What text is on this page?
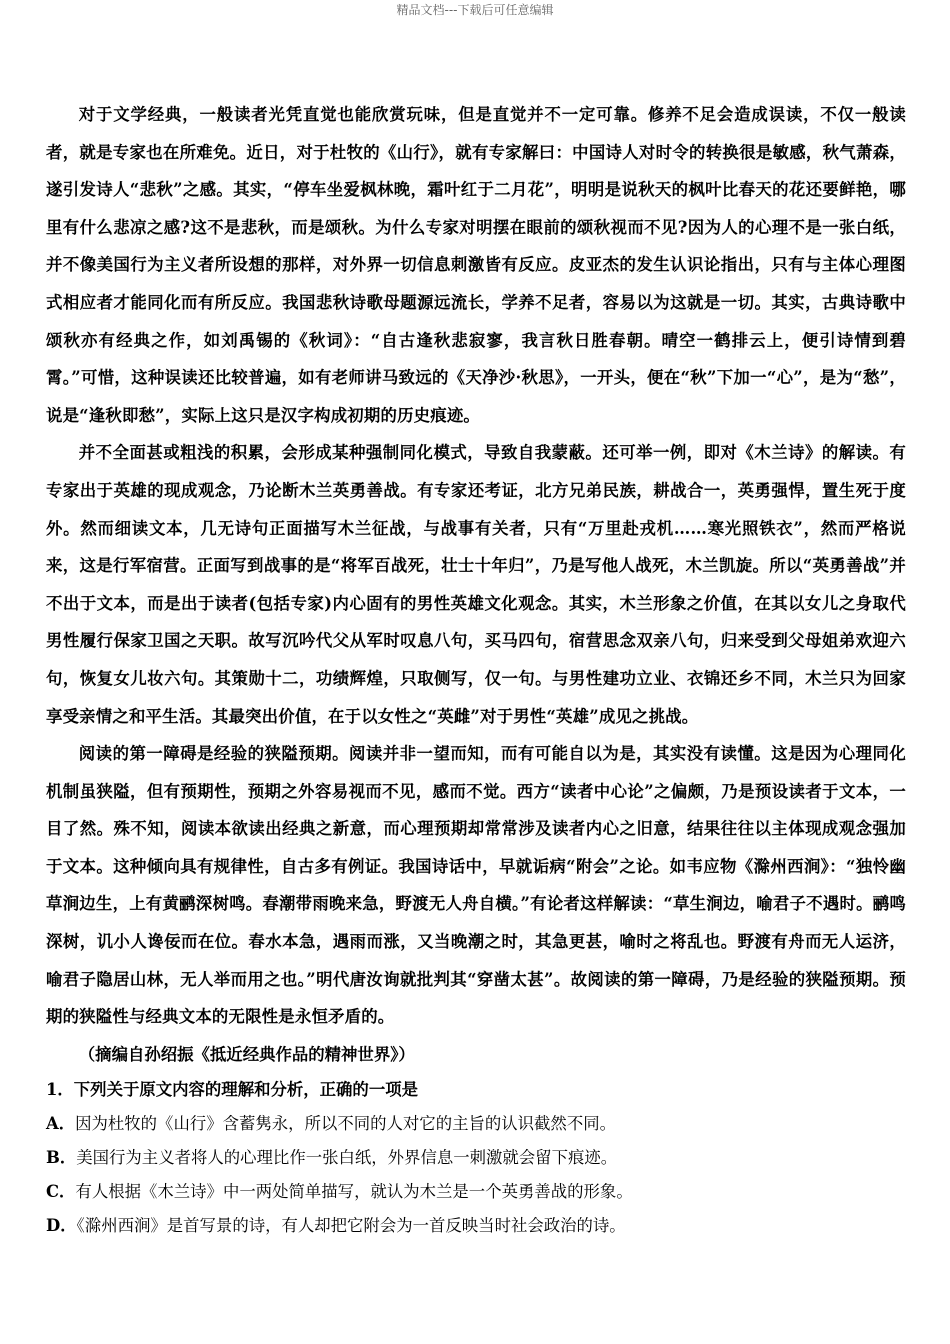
精品文档---下载后可任意编辑

对于文学经典，一般读者光凭直觉也能欣赏玩味，但是直觉并不一定可靠。修养不足会造成误读，不仅一般读者，就是专家也在所难免。近日，对于杜牧的《山行》，就有专家解曰：中国诗人对时令的转换很是敏感，秋气萧森，遂引发诗人“悲秋”之感。其实，“停车坐爱枫林晚，霜叶红于二月花”，明明是说秋天的枫叶比春天的花还要鲜艳，哪里有什么悲凉之感?这不是悲秋，而是颂秋。为什么专家对明摆在眼前的颂秋视而不见?因为人的心理不是一张白纸，并不像美国行为主义者所设想的那样，对外界一切信息刺激皆有反应。皮亚杰的发生认识论指出，只有与主体心理图式相应者才能同化而有所反应。我国悲秋诗歌母题源远流长，学养不足者，容易以为这就是一切。其实，古典诗歌中颂秋亦有经典之作，如刘禹锡的《秋词》：“自古逢秋悲寂寥，我言秋日胜春朝。晴空一鹤排云上，便引诗情到碧霄。”可惜，这种误读还比较普遍，如有老师讲马致远的《天净沙·秋思》，一开头，便在“秋”下加一“心”，是为“愁”，说是“逢秋即愁”，实际上这只是汉字构成初期的历史痕迹。

并不全面甚或粗浅的积累，会形成某种强制同化模式，导致自我蒙蔽。还可举一例，即对《木兰诗》的解读。有专家出于英雄的现成观念，乃论断木兰英勇善战。有专家还考证，北方兄弟民族，耕战合一，英勇强悍，置生死于度外。然而细读文本，几无诗句正面描写木兰征战，与战事有关者，只有“万里赴戎机……寒光照铁衣”，然而严格说来，这是行军宿营。正面写到战事的是“将军百战死，壮士十年归”，乃是写他人战死，木兰凯旋。所以“英勇善战”并不出于文本，而是出于读者(包括专家)内心固有的男性英雄文化观念。其实，木兰形象之价值，在其以女儿之身取代男性履行保家卫国之天职。故写沉吟代父从军时叹息八句，买马四句，宿营思念双亲八句，归来受到父母姐弟欢迎六句，恢复女儿妆六句。其策勋十二，功绩辉煌，只取侧写，仅一句。与男性建功立业、衣锦还乡不同，木兰只为回家享受亲情之和平生活。其最突出价值，在于以女性之“英雌”对于男性“英雄”成见之挑战。

阅读的第一障碍是经验的狭隘预期。阅读并非一望而知，而有可能自以为是，其实没有读懂。这是因为心理同化机制虽狭隘，但有预期性，预期之外容易视而不见，感而不觉。西方“读者中心论”之偏颇，乃是预设读者于文本，一目了然。殊不知，阅读本欲读出经典之新意，而心理预期却常常涉及读者内心之旧意，结果往往以主体现成观念强加于文本。这种倾向具有规律性，自古多有例证。我国诗话中，早就诟病“附会”之论。如韦应物《滁州西涧》：“独怜幽草涧边生，上有黄鹂深树鸣。春潮带雨晚来急，野渡无人舟自横。”有论者这样解读：“草生涧边，喻君子不遇时。鹂鸣深树，讥小人谗佞而在位。春水本急，遇雨而涨，又当晚潮之时，其急更甚，喻时之将乱也。野渡有舟而无人运济，喻君子隐居山林，无人举而用之也。”明代唐汝询就批判其“穿凿太甚”。故阅读的第一障碍，乃是经验的狭隘预期。预期的狭隘性与经典文本的无限性是永恒矛盾的。

（摘编自孙绍振《抵近经典作品的精神世界》）

1．下列关于原文内容的理解和分析，正确的一项是
A．因为杜牧的《山行》含蓄隽永，所以不同的人对它的主旨的认识截然不同。
B．美国行为主义者将人的心理比作一张白纸，外界信息一刺激就会留下痕迹。
C．有人根据《木兰诗》中一两处简单描写，就认为木兰是一个英勇善战的形象。
D．《滁州西涧》是首写景的诗，有人却把它附会为一首反映当时社会政治的诗。
